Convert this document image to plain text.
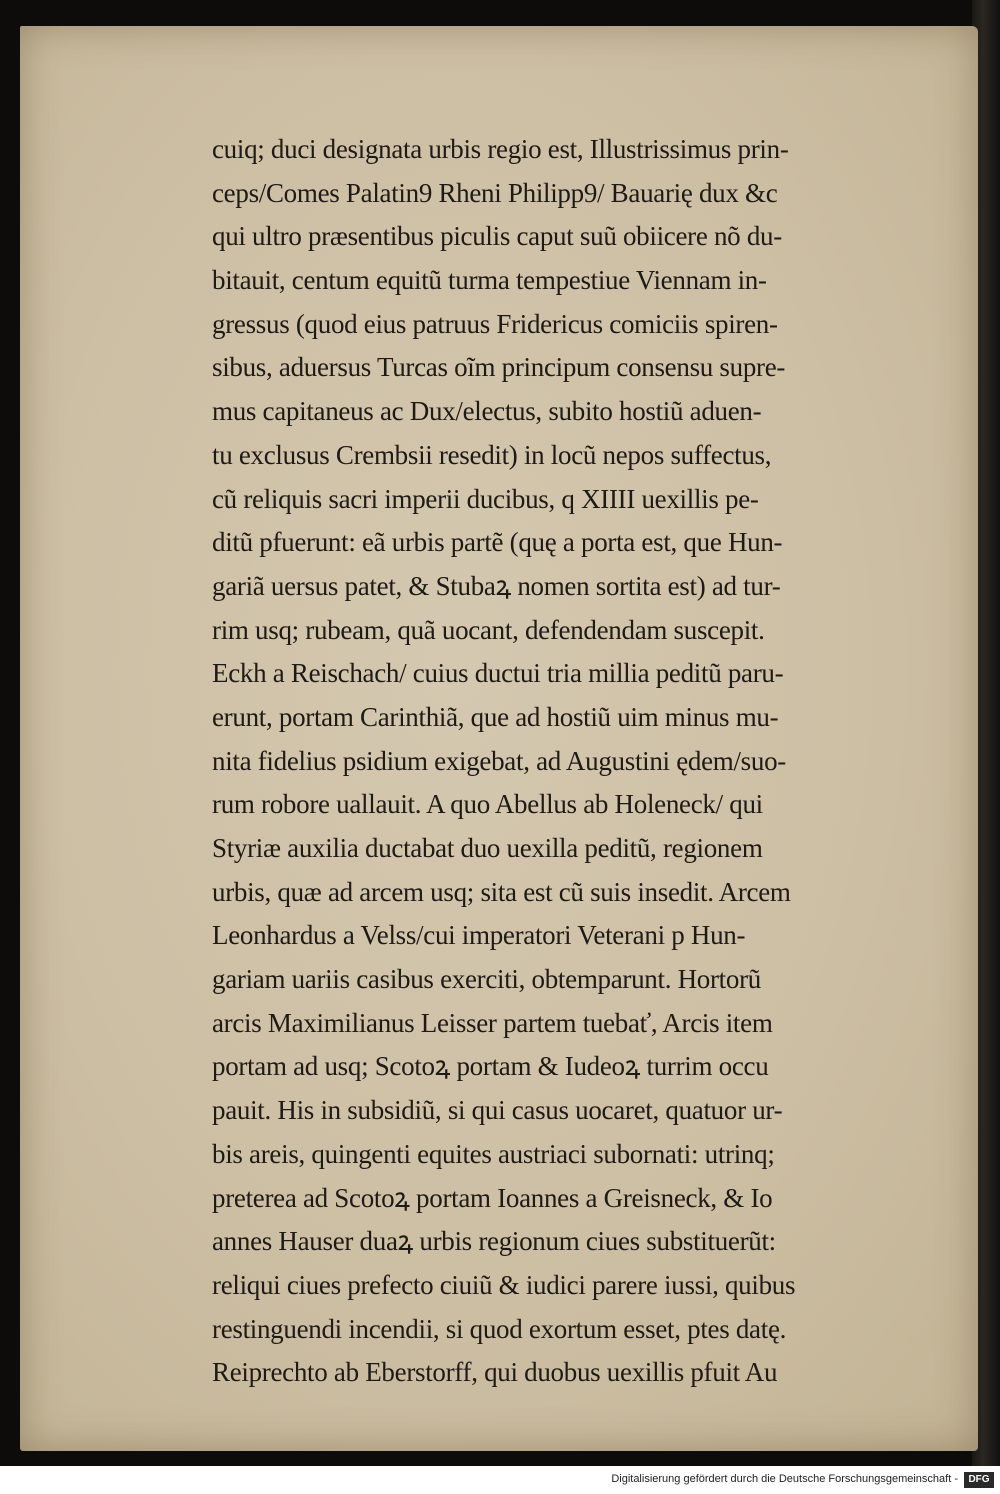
cuiq; duci designata urbis regio est, Illustrissimus prin-
ceps/Comes Palatin9 Rheni Philipp9/ Bauarię dux &c
qui ultro præsentibus pіculis caput suũ obiicere nõ du-
bitauit, centum equitũ turma tempestiue Viennam in-
gressus (quod eius patruus Fridericus comiciis spiren-
sibus, aduersus Turcas oĩm principum consensu supre-
mus capitaneus ac Dux/electus, subito hostiũ aduen-
tu exclusus Crembsii resedit) in locũ nepos suffectus,
cũ reliquis sacri imperii ducibus, q XIIII uexillis pe-
ditũ pfuerunt: eã urbis partẽ (quę a porta est, que Hun-
gariã uersus patet, & Stubaꝝ nomen sortita est) ad tur-
rim usq; rubeam, quã uocant, defendendam suscepit.
Eckh a Reischach/ cuius ductui tria millia peditũ paru-
erunt, portam Carinthiã, que ad hostiũ uim minus mu-
nita fidelius psidium exigebat, ad Augustini ędem/suo-
rum robore uallauit. A quo Abellus ab Holeneck/ qui
Styriæ auxilia ductabat duo uexilla peditũ, regionem
urbis, quæ ad arcem usq; sita est cũ suis insedit. Arcem
Leonhardus a Velss/cui imperatori Veterani p Hun-
gariam uariis casibus exerciti, obtemparunt. Hortorũ
arcis Maximilianus Leisser partem tuebať, Arcis item
portam ad usq; Scotoꝝ portam & Iudeoꝝ turrim occu
pauit. His in subsidiũ, si qui casus uocaret, quatuor ur-
bis areis, quingenti equites austriaci subornati: utrinq;
preterea ad Scotoꝝ portam Ioannes a Greisneck, & Io
annes Hauser duaꝝ urbis regionum ciues substituerũt:
reliqui ciues prefecto ciuiũ & iudici parere iussi, quibus
restinguendi incendii, si quod exortum esset, ptes datę.
Reiprechto ab Eberstorff, qui duobus uexillis pfuit Au
Digitalisierung gefördert durch die Deutsche Forschungsgemeinschaft -	DFG
